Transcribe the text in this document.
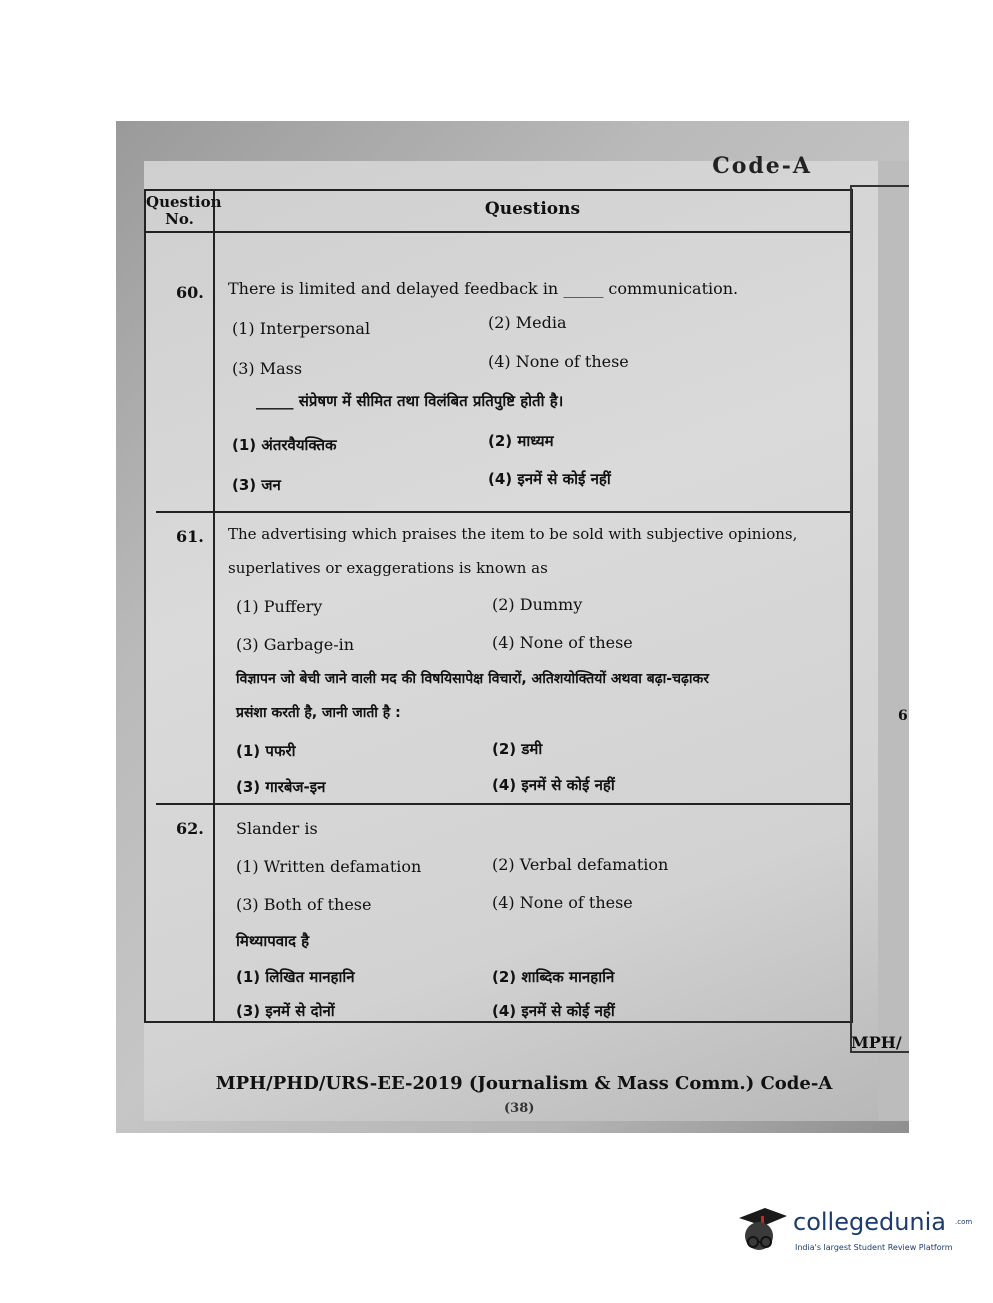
Code-A
Question
No.	Questions
60. There is limited and delayed feedback in _____ communication.
(1) Interpersonal	(2) Media
(3) Mass	(4) None of these
_____ संप्रेषण में सीमित तथा विलंबित प्रतिपुष्टि होती है।
(1) अंतरवैयक्तिक	(2) माध्यम
(3) जन	(4) इनमें से कोई नहीं
61. The advertising which praises the item to be sold with subjective opinions,
superlatives or exaggerations is known as
(1) Puffery	(2) Dummy
(3) Garbage-in	(4) None of these
विज्ञापन जो बेची जाने वाली मद की विषयिसापेक्ष विचारों, अतिशयोक्तियों अथवा बढ़ा-चढ़ाकर
प्रसंशा करती है, जानी जाती है :
(1) पफरी	(2) डमी
(3) गारबेज-इन	(4) इनमें से कोई नहीं
62. Slander is
(1) Written defamation	(2) Verbal defamation
(3) Both of these	(4) None of these
मिथ्यापवाद है
(1) लिखित मानहानि	(2) शाब्दिक मानहानि
(3) इनमें से दोनों	(4) इनमें से कोई नहीं
MPH/PHD/URS-EE-2019 (Journalism & Mass Comm.) Code-A
(38)
6
MPH/
collegedunia .com
India's largest Student Review Platform
